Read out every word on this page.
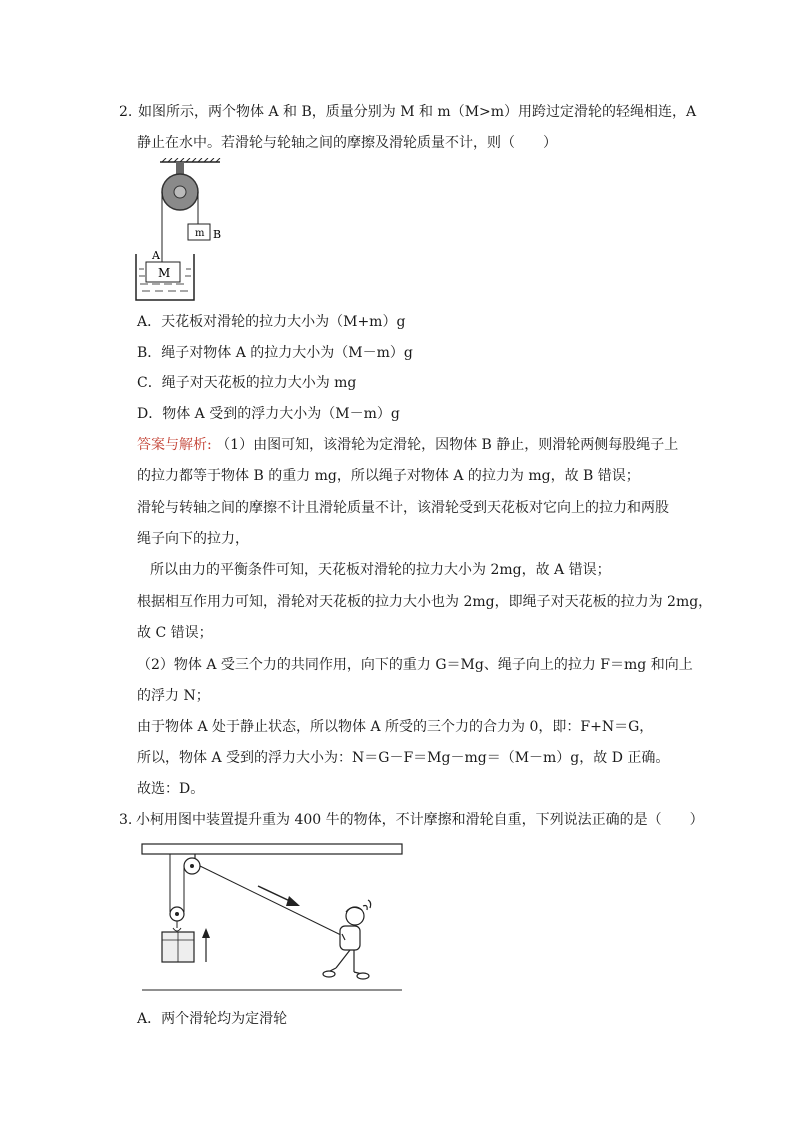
2. 如图所示，两个物体 A 和 B，质量分别为 M 和 m（M>m）用跨过定滑轮的轻绳相连，A
静止在水中。若滑轮与轮轴之间的摩擦及滑轮质量不计，则（　　）
m B
A
M
A．天花板对滑轮的拉力大小为（M+m）g
B．绳子对物体 A 的拉力大小为（M－m）g
C．绳子对天花板的拉力大小为 mg
D．物体 A 受到的浮力大小为（M－m）g
答案与解析: （1）由图可知，该滑轮为定滑轮，因物体 B 静止，则滑轮两侧每股绳子上
的拉力都等于物体 B 的重力 mg，所以绳子对物体 A 的拉力为 mg，故 B 错误；
滑轮与转轴之间的摩擦不计且滑轮质量不计，该滑轮受到天花板对它向上的拉力和两股
绳子向下的拉力，
所以由力的平衡条件可知，天花板对滑轮的拉力大小为 2mg，故 A 错误；
根据相互作用力可知，滑轮对天花板的拉力大小也为 2mg，即绳子对天花板的拉力为 2mg，
故 C 错误；
（2）物体 A 受三个力的共同作用，向下的重力 G＝Mg、绳子向上的拉力 F＝mg 和向上
的浮力 N；
由于物体 A 处于静止状态，所以物体 A 所受的三个力的合力为 0，即：F+N＝G，
所以，物体 A 受到的浮力大小为：N＝G－F＝Mg－mg＝（M－m）g，故 D 正确。
故选：D。
3. 小柯用图中装置提升重为 400 牛的物体，不计摩擦和滑轮自重，下列说法正确的是（　　）
A．两个滑轮均为定滑轮
